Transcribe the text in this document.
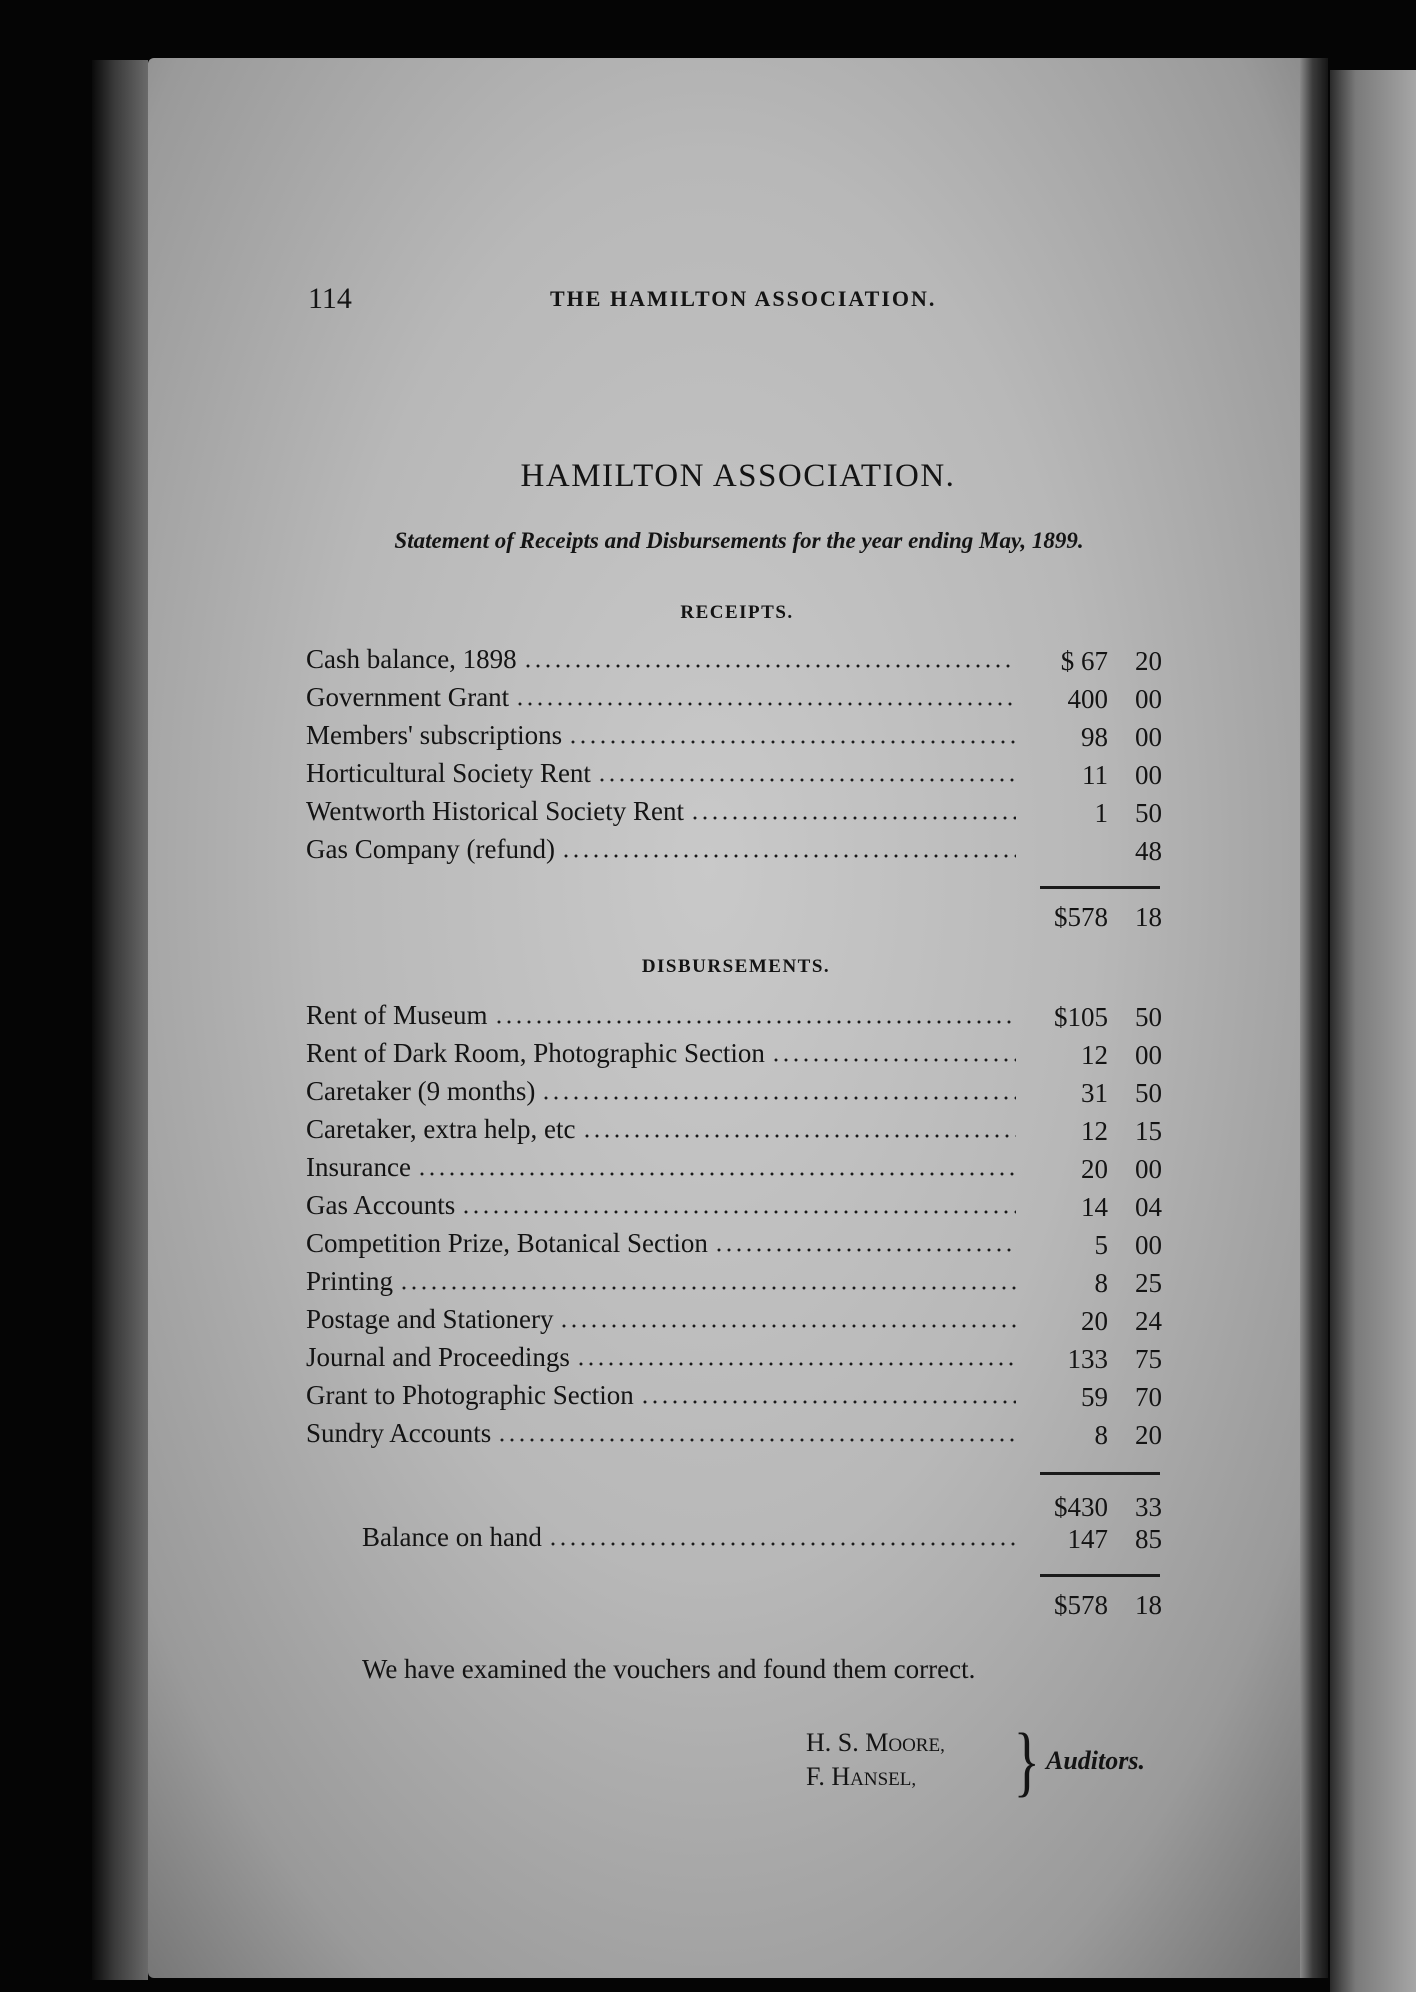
114	THE HAMILTON ASSOCIATION.
HAMILTON ASSOCIATION.
Statement of Receipts and Disbursements for the year ending May, 1899.
RECEIPTS.
Cash balance, 1898	$ 67 20
Government Grant	400 00
Members' subscriptions	98 00
Horticultural Society Rent	11 00
Wentworth Historical Society Rent	1 50
Gas Company (refund)	48
$578 18
DISBURSEMENTS.
Rent of Museum	$105 50
Rent of Dark Room, Photographic Section	12 00
Caretaker (9 months)	31 50
Caretaker, extra help, etc	12 15
Insurance	20 00
Gas Accounts	14 04
Competition Prize, Botanical Section	5 00
Printing	8 25
Postage and Stationery	20 24
Journal and Proceedings	133 75
Grant to Photographic Section	59 70
Sundry Accounts	8 20
$430 33
Balance on hand	147 85
$578 18
We have examined the vouchers and found them correct.
H. S. MOORE,
F. HANSEL, } Auditors.
